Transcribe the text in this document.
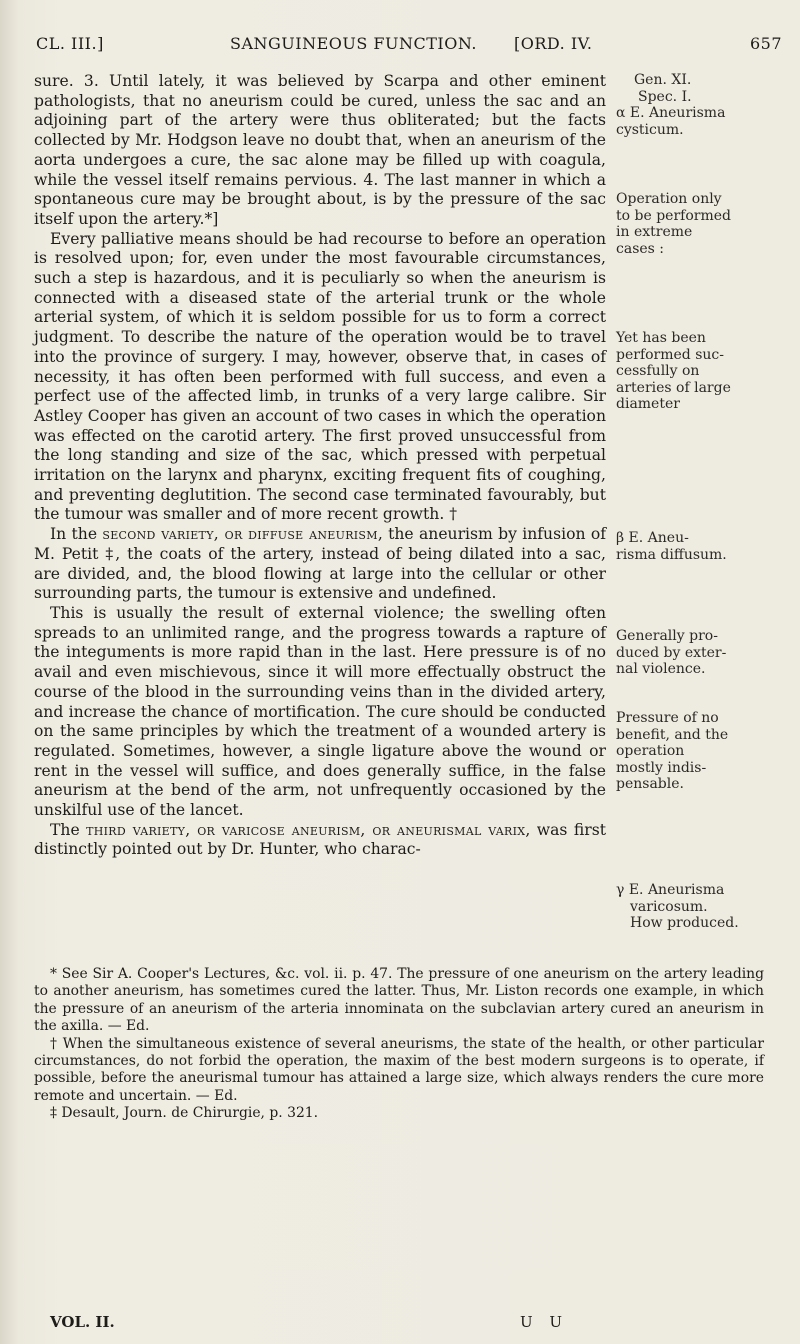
CL. III.]	SANGUINEOUS FUNCTION. [ORD. IV.	657

sure. 3. Until lately, it was believed by Scarpa and other eminent pathologists, that no aneurism could be cured, unless the sac and an adjoining part of the artery were thus obliterated; but the facts collected by Mr. Hodgson leave no doubt that, when an aneurism of the aorta undergoes a cure, the sac alone may be filled up with coagula, while the vessel itself remains pervious. 4. The last manner in which a spontaneous cure may be brought about, is by the pressure of the sac itself upon the artery.*]

Every palliative means should be had recourse to before an operation is resolved upon; for, even under the most favourable circumstances, such a step is hazardous, and it is peculiarly so when the aneurism is connected with a diseased state of the arterial trunk or the whole arterial system, of which it is seldom possible for us to form a correct judgment. To describe the nature of the operation would be to travel into the province of surgery. I may, however, observe that, in cases of necessity, it has often been performed with full success, and even a perfect use of the affected limb, in trunks of a very large calibre. Sir Astley Cooper has given an account of two cases in which the operation was effected on the carotid artery. The first proved unsuccessful from the long standing and size of the sac, which pressed with perpetual irritation on the larynx and pharynx, exciting frequent fits of coughing, and preventing deglutition. The second case terminated favourably, but the tumour was smaller and of more recent growth. †

In the second variety, or diffuse aneurism, the aneurism by infusion of M. Petit ‡, the coats of the artery, instead of being dilated into a sac, are divided, and, the blood flowing at large into the cellular or other surrounding parts, the tumour is extensive and undefined.

This is usually the result of external violence; the swelling often spreads to an unlimited range, and the progress towards a rapture of the integuments is more rapid than in the last. Here pressure is of no avail and even mischievous, since it will more effectually obstruct the course of the blood in the surrounding veins than in the divided artery, and increase the chance of mortification. The cure should be conducted on the same principles by which the treatment of a wounded artery is regulated. Sometimes, however, a single ligature above the wound or rent in the vessel will suffice, and does generally suffice, in the false aneurism at the bend of the arm, not unfrequently occasioned by the unskilful use of the lancet.

The third variety, or varicose aneurism, or aneurismal varix, was first distinctly pointed out by Dr. Hunter, who charac-

Gen. XI.
Spec. I.
α E. Aneurisma
cysticum.
Operation only
to be performed
in extreme
cases :
Yet has been
performed suc-
cessfully on
arteries of large
diameter
β E. Aneu-
risma diffusum.
Generally pro-
duced by exter-
nal violence.
Pressure of no
benefit, and the
operation
mostly indis-
pensable.
γ E. Aneurisma
varicosum.
How produced.

* See Sir A. Cooper's Lectures, &c. vol. ii. p. 47. The pressure of one aneurism on the artery leading to another aneurism, has sometimes cured the latter. Thus, Mr. Liston records one example, in which the pressure of an aneurism of the arteria innominata on the subclavian artery cured an aneurism in the axilla. — Ed.

† When the simultaneous existence of several aneurisms, the state of the health, or other particular circumstances, do not forbid the operation, the maxim of the best modern surgeons is to operate, if possible, before the aneurismal tumour has attained a large size, which always renders the cure more remote and uncertain. — Ed.

‡ Desault, Journ. de Chirurgie, p. 321.

VOL. II.	U U
